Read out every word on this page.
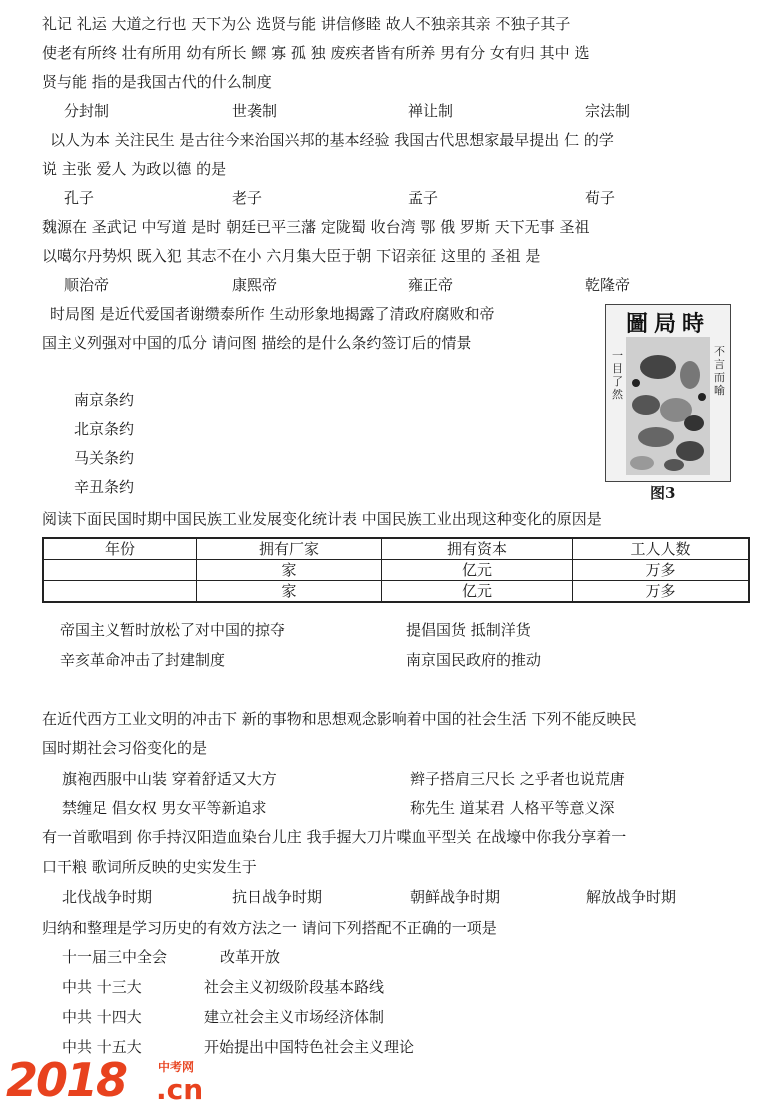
礼记 礼运 大道之行也 天下为公 选贤与能 讲信修睦 故人不独亲其亲 不独子其子
使老有所终 壮有所用 幼有所长 鳏 寡 孤 独 废疾者皆有所养 男有分 女有归 其中 选
贤与能 指的是我国古代的什么制度
分封制	世袭制	禅让制	宗法制
以人为本 关注民生 是古往今来治国兴邦的基本经验 我国古代思想家最早提出 仁 的学
说 主张 爱人 为政以德 的是
孔子	老子	孟子	荀子
魏源在 圣武记 中写道 是时 朝廷已平三藩 定陇蜀 收台湾 鄂 俄 罗斯 天下无事 圣祖
以噶尔丹势炽 既入犯 其志不在小 六月集大臣于朝 下诏亲征 这里的 圣祖 是
顺治帝	康熙帝	雍正帝	乾隆帝
时局图 是近代爱国者谢缵泰所作 生动形象地揭露了清政府腐败和帝
国主义列强对中国的瓜分 请问图 描绘的是什么条约签订后的情景
南京条约
北京条约
马关条约
辛丑条约
圖局時
一目了然
不言而喻
图3
阅读下面民国时期中国民族工业发展变化统计表 中国民族工业出现这种变化的原因是
年份	拥有厂家	拥有资本	工人人数
	家	亿元	万多
	家	亿元	万多
帝国主义暂时放松了对中国的掠夺	提倡国货 抵制洋货
辛亥革命冲击了封建制度	南京国民政府的推动
在近代西方工业文明的冲击下 新的事物和思想观念影响着中国的社会生活 下列不能反映民
国时期社会习俗变化的是
旗袍西服中山装 穿着舒适又大方	辫子搭肩三尺长 之乎者也说荒唐
禁缠足 倡女权 男女平等新追求	称先生 道某君 人格平等意义深
有一首歌唱到 你手持汉阳造血染台儿庄 我手握大刀片喋血平型关 在战壕中你我分享着一
口干粮 歌词所反映的史实发生于
北伐战争时期	抗日战争时期	朝鲜战争时期	解放战争时期
归纳和整理是学习历史的有效方法之一 请问下列搭配不正确的一项是
十一届三中全会	改革开放
中共 十三大	社会主义初级阶段基本路线
中共 十四大	建立社会主义市场经济体制
中共 十五大	开始提出中国特色社会主义理论
2018	中考网
.cn
